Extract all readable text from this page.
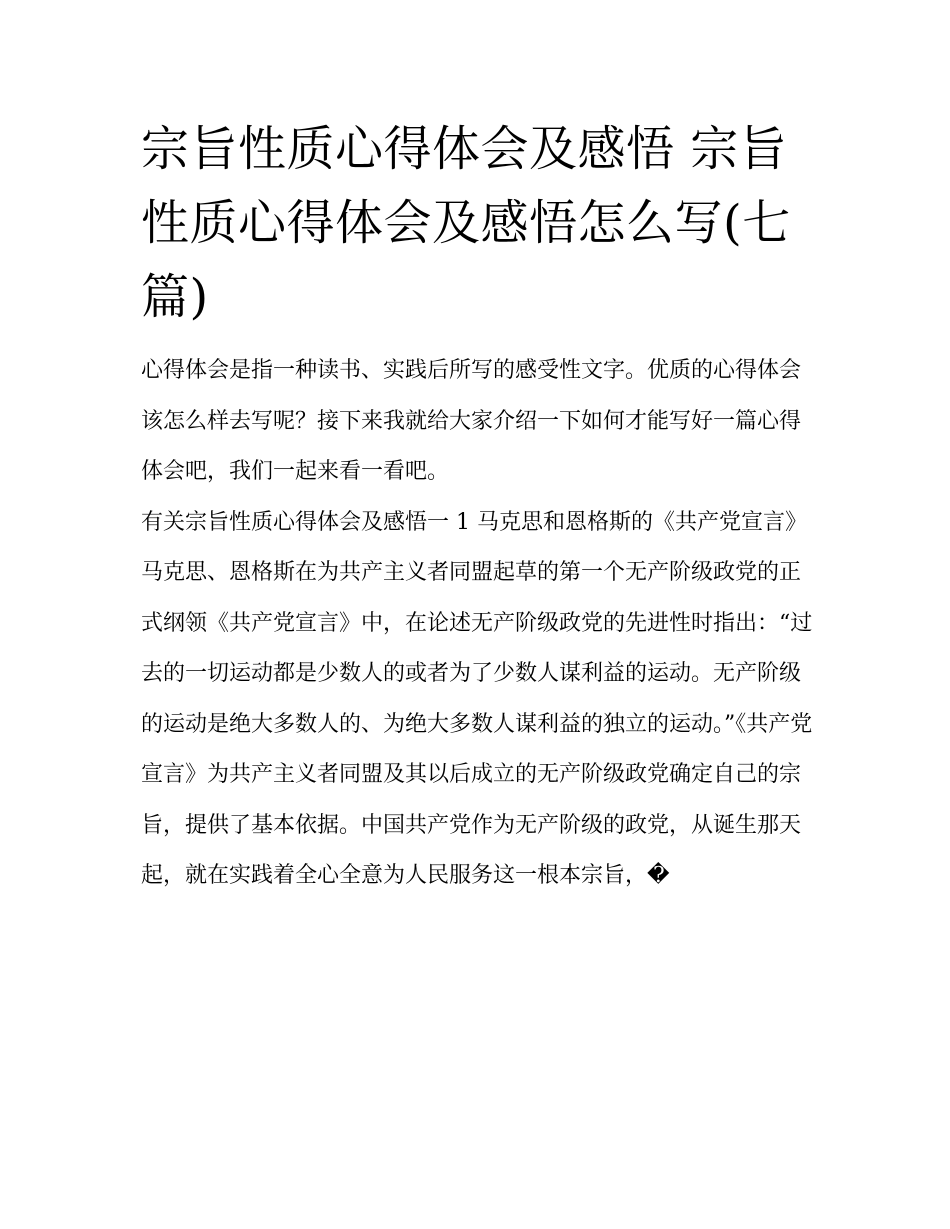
宗旨性质心得体会及感悟 宗旨性质心得体会及感悟怎么写(七篇)

心得体会是指一种读书、实践后所写的感受性文字。优质的心得体会该怎么样去写呢？接下来我就给大家介绍一下如何才能写好一篇心得体会吧，我们一起来看一看吧。

有关宗旨性质心得体会及感悟一 1 马克思和恩格斯的《共产党宣言》

马克思、恩格斯在为共产主义者同盟起草的第一个无产阶级政党的正式纲领《共产党宣言》中，在论述无产阶级政党的先进性时指出：“过去的一切运动都是少数人的或者为了少数人谋利益的运动。无产阶级的运动是绝大多数人的、为绝大多数人谋利益的独立的运动。”《共产党宣言》为共产主义者同盟及其以后成立的无产阶级政党确定自己的宗旨，提供了基本依据。中国共产党作为无产阶级的政党，从诞生那天起，就在实践着全心全意为人民服务这一根本宗旨，�
